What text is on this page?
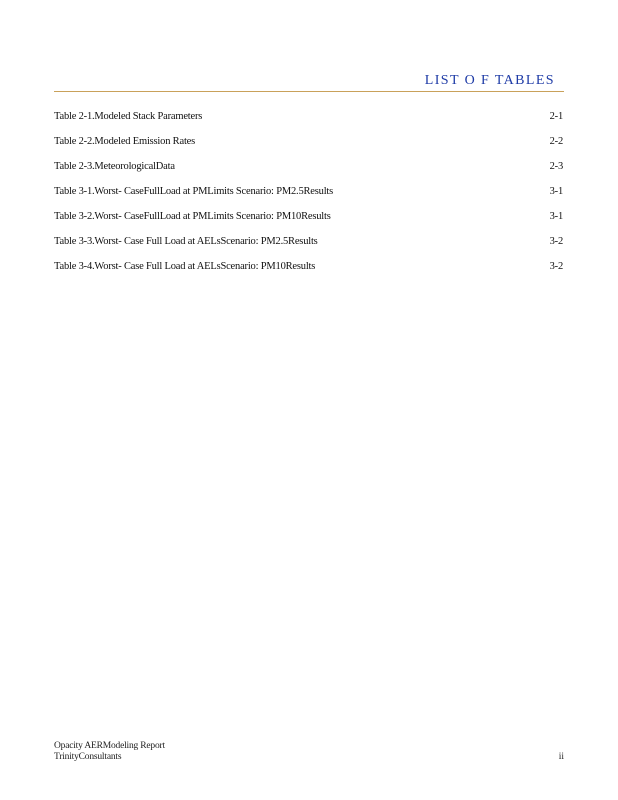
LIST O F TABLES
Table 2-1.Modeled Stack Parameters	2-1
Table 2-2.Modeled Emission Rates	2-2
Table 2-3.MeteorologicalData	2-3
Table 3-1.Worst- CaseFullLoad at PMLimits Scenario: PM2.5Results	3-1
Table 3-2.Worst- CaseFullLoad at PMLimits Scenario: PM10Results	3-1
Table 3-3.Worst- Case Full Load at AELsScenario: PM2.5Results	3-2
Table 3-4.Worst- Case Full Load at AELsScenario: PM10Results	3-2
Opacity AERModeling Report
TrinityConsultants	ii
